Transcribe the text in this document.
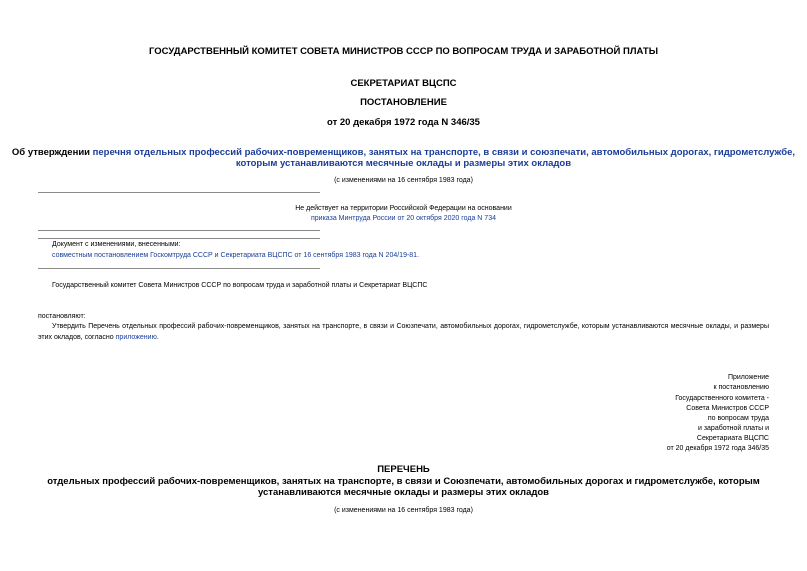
ГОСУДАРСТВЕННЫЙ КОМИТЕТ СОВЕТА МИНИСТРОВ СССР ПО ВОПРОСАМ ТРУДА И ЗАРАБОТНОЙ ПЛАТЫ
СЕКРЕТАРИАТ ВЦСПС
ПОСТАНОВЛЕНИЕ
от 20 декабря 1972 года N 346/35
Об утверждении перечня отдельных профессий рабочих-повременщиков, занятых на транспорте, в связи и союзпечати, автомобильных дорогах, гидрометслужбе,
которым устанавливаются месячные оклады и размеры этих окладов
(с изменениями на 16 сентября 1983 года)
Не действует на территории Российской Федерации на основании
приказа Минтруда России от 20 октября 2020 года N 734
Документ с изменениями, внесенными:
совместным постановлением Госкомтруда СССР и Секретариата ВЦСПС от 16 сентября 1983 года N 204/19-81.
Государственный комитет Совета Министров СССР по вопросам труда и заработной платы и Секретариат ВЦСПС
постановляют:
Утвердить Перечень отдельных профессий рабочих-повременщиков, занятых на транспорте, в связи и Союзпечати, автомобильных дорогах, гидрометслужбе, которым устанавливаются месячные оклады, и размеры этих окладов, согласно приложению.
Приложение
к постановлению
Государственного комитета -
Совета Министров СССР
по вопросам труда
и заработной платы и
Секретариата ВЦСПС
от 20 декабря 1972 года 346/35
ПЕРЕЧЕНЬ
отдельных профессий рабочих-повременщиков, занятых на транспорте, в связи и Союзпечати, автомобильных дорогах и гидрометслужбе, которым
устанавливаются месячные оклады и размеры этих окладов
(с изменениями на 16 сентября 1983 года)
